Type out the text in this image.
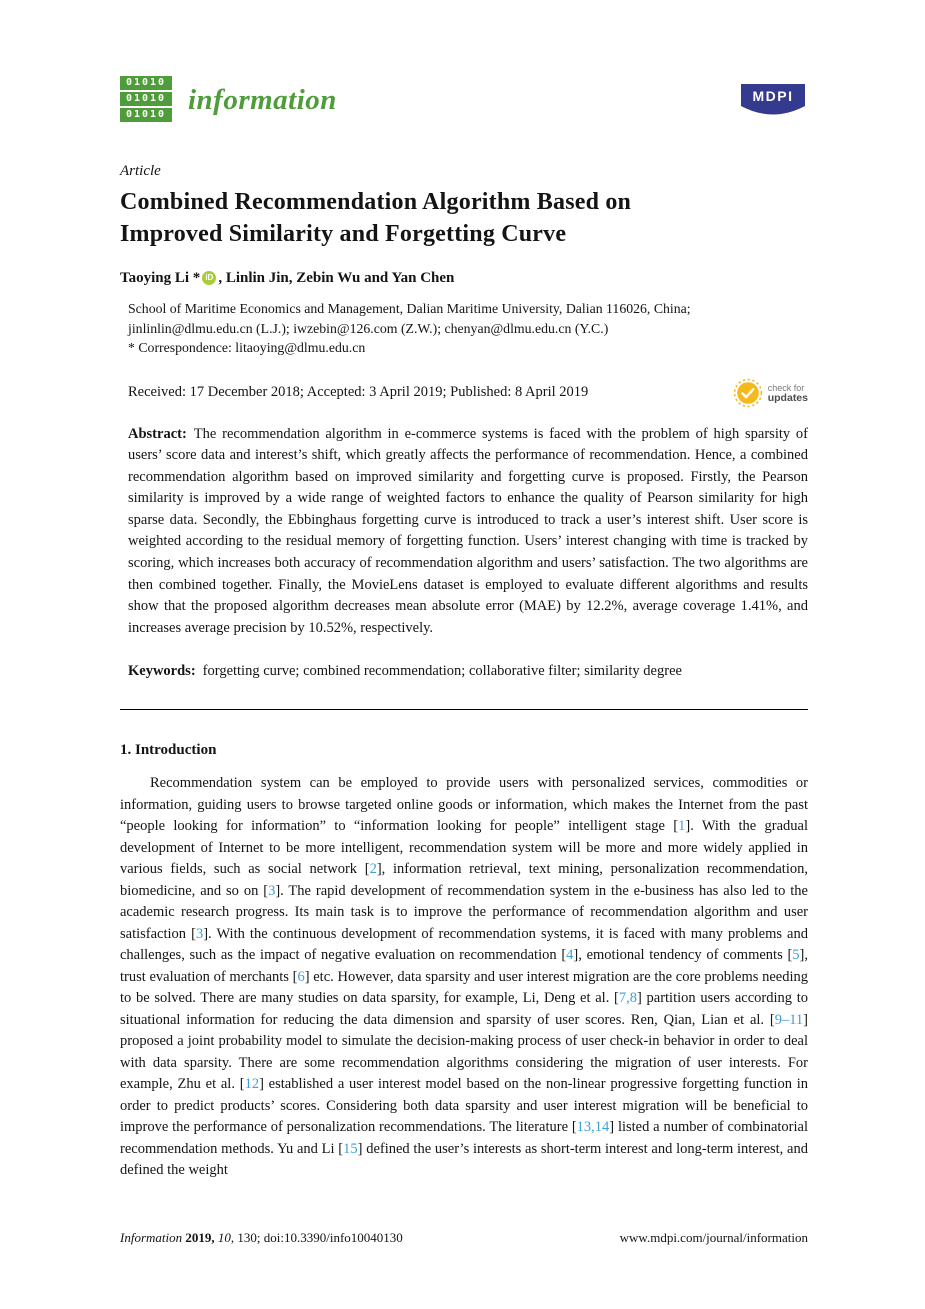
01010
01010
01010 information	MDPI
Article
Combined Recommendation Algorithm Based on
Improved Similarity and Forgetting Curve
Taoying Li * iD , Linlin Jin, Zebin Wu and Yan Chen
School of Maritime Economics and Management, Dalian Maritime University, Dalian 116026, China;
jinlinlin@dlmu.edu.cn (L.J.); iwzebin@126.com (Z.W.); chenyan@dlmu.edu.cn (Y.C.)
* Correspondence: litaoying@dlmu.edu.cn
Received: 17 December 2018; Accepted: 3 April 2019; Published: 8 April 2019	check for
updates

Abstract: The recommendation algorithm in e-commerce systems is faced with the problem of high sparsity of users’ score data and interest’s shift, which greatly affects the performance of recommendation. Hence, a combined recommendation algorithm based on improved similarity and forgetting curve is proposed. Firstly, the Pearson similarity is improved by a wide range of weighted factors to enhance the quality of Pearson similarity for high sparse data. Secondly, the Ebbinghaus forgetting curve is introduced to track a user’s interest shift. User score is weighted according to the residual memory of forgetting function. Users’ interest changing with time is tracked by scoring, which increases both accuracy of recommendation algorithm and users’ satisfaction. The two algorithms are then combined together. Finally, the MovieLens dataset is employed to evaluate different algorithms and results show that the proposed algorithm decreases mean absolute error (MAE) by 12.2%, average coverage 1.41%, and increases average precision by 10.52%, respectively.

Keywords: forgetting curve; combined recommendation; collaborative filter; similarity degree

1. Introduction

Recommendation system can be employed to provide users with personalized services, commodities or information, guiding users to browse targeted online goods or information, which makes the Internet from the past “people looking for information” to “information looking for people” intelligent stage [1]. With the gradual development of Internet to be more intelligent, recommendation system will be more and more widely applied in various fields, such as social network [2], information retrieval, text mining, personalization recommendation, biomedicine, and so on [3]. The rapid development of recommendation system in the e-business has also led to the academic research progress. Its main task is to improve the performance of recommendation algorithm and user satisfaction [3]. With the continuous development of recommendation systems, it is faced with many problems and challenges, such as the impact of negative evaluation on recommendation [4], emotional tendency of comments [5], trust evaluation of merchants [6] etc. However, data sparsity and user interest migration are the core problems needing to be solved. There are many studies on data sparsity, for example, Li, Deng et al. [7,8] partition users according to situational information for reducing the data dimension and sparsity of user scores. Ren, Qian, Lian et al. [9–11] proposed a joint probability model to simulate the decision-making process of user check-in behavior in order to deal with data sparsity. There are some recommendation algorithms considering the migration of user interests. For example, Zhu et al. [12] established a user interest model based on the non-linear progressive forgetting function in order to predict products’ scores. Considering both data sparsity and user interest migration will be beneficial to improve the performance of personalization recommendations. The literature [13,14] listed a number of combinatorial recommendation methods. Yu and Li [15] defined the user’s interests as short-term interest and long-term interest, and defined the weight

Information 2019, 10, 130; doi:10.3390/info10040130	www.mdpi.com/journal/information
